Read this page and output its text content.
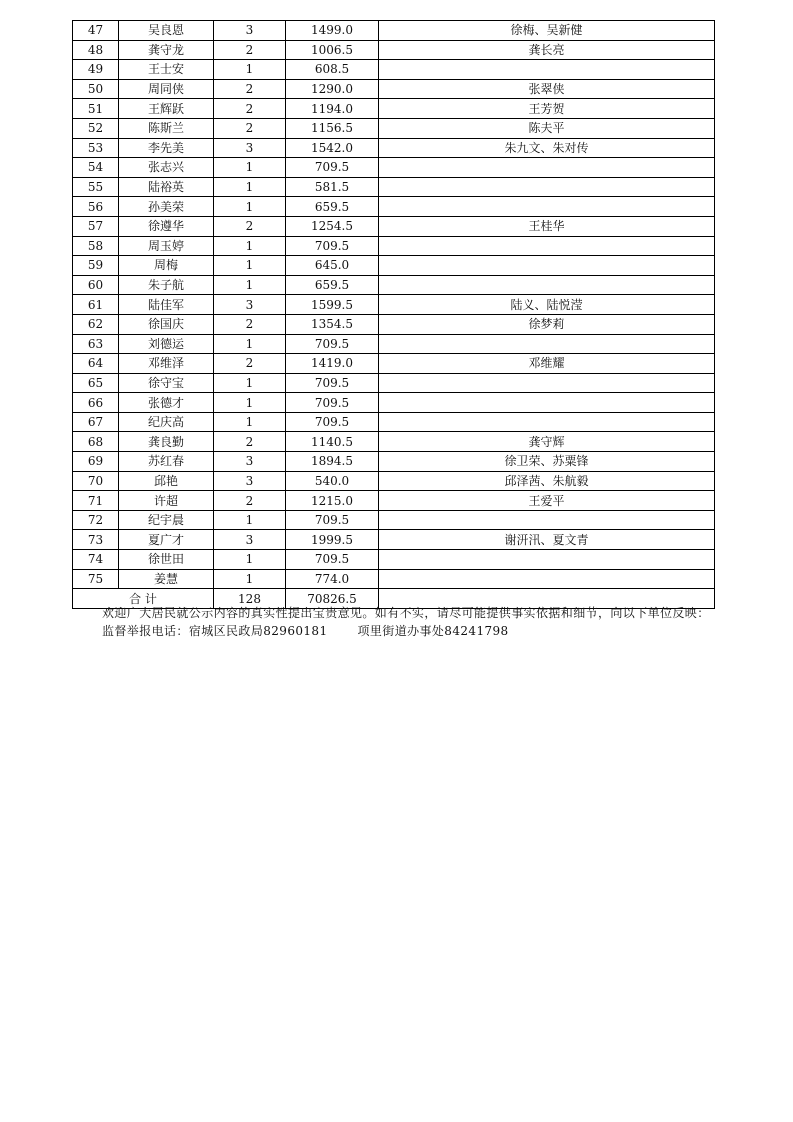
47	吴良恩	3	1499.0	徐梅、吴新健
48	龚守龙	2	1006.5	龚长亮
49	王士安	1	608.5	
50	周同侠	2	1290.0	张翠侠
51	王辉跃	2	1194.0	王芳贺
52	陈斯兰	2	1156.5	陈夫平
53	李先美	3	1542.0	朱九文、朱对传
54	张志兴	1	709.5	
55	陆裕英	1	581.5	
56	孙美荣	1	659.5	
57	徐遵华	2	1254.5	王桂华
58	周玉婷	1	709.5	
59	周梅	1	645.0	
60	朱子航	1	659.5	
61	陆佳军	3	1599.5	陆义、陆悦滢
62	徐国庆	2	1354.5	徐梦莉
63	刘德运	1	709.5	
64	邓维泽	2	1419.0	邓维耀
65	徐守宝	1	709.5	
66	张德才	1	709.5	
67	纪庆高	1	709.5	
68	龚良勤	2	1140.5	龚守辉
69	苏红春	3	1894.5	徐卫荣、苏粟锋
70	邱艳	3	540.0	邱泽茜、朱航毅
71	许超	2	1215.0	王爱平
72	纪宇晨	1	709.5	
73	夏广才	3	1999.5	谢汧汛、夏文青
74	徐世田	1	709.5	
75	姜慧	1	774.0	
合 计		128	70826.5	

欢迎广大居民就公示内容的真实性提出宝贵意见。如有不实，请尽可能提供事实依据和细节，向以下单位反映：

监督举报电话：宿城区民政局82960181	项里街道办事处84241798
